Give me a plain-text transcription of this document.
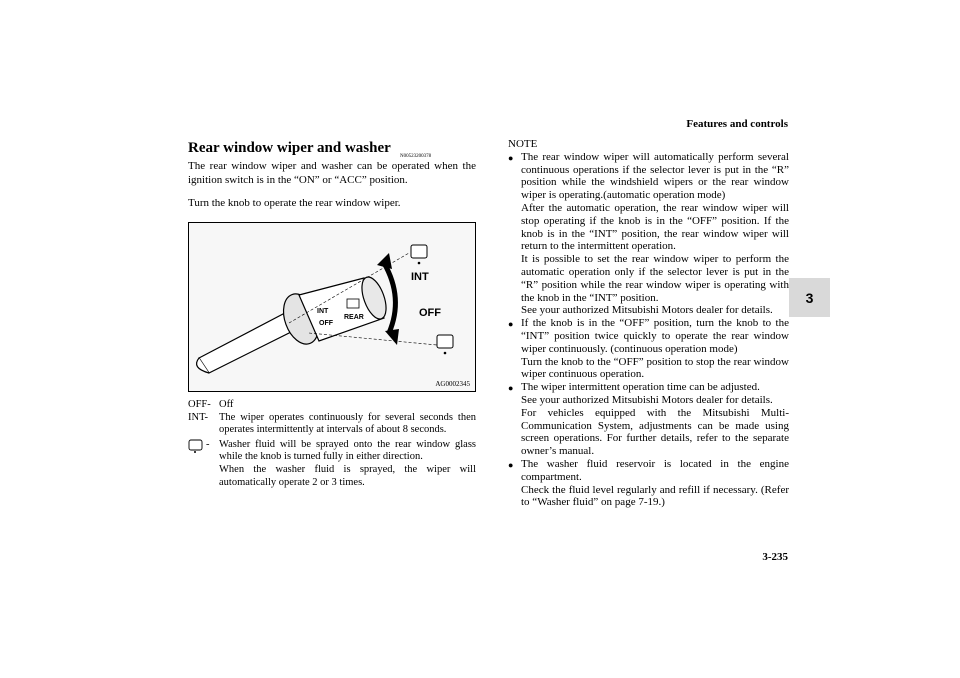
Features and controls
3
Rear window wiper and washer
N00523200378
The rear window wiper and washer can be operated when the ignition switch is in the “ON” or “ACC” position.
Turn the knob to operate the rear window wiper.
INT
OFF
REAR
INT
OFF
AG0002345
OFF- Off
INT-	The wiper operates continuously for several seconds then operates intermittently at intervals of about 8 seconds.
- Washer fluid will be sprayed onto the rear window glass while the knob is turned fully in either direction.
When the washer fluid is sprayed, the wiper will automatically operate 2 or 3 times.
NOTE
● The rear window wiper will automatically perform several continuous operations if the selector lever is put in the “R” position while the windshield wipers or the rear window wiper is operating.(automatic operation mode)
After the automatic operation, the rear window wiper will stop operating if the knob is in the “OFF” position. If the knob is in the “INT” position, the rear window wiper will return to the intermittent operation.
It is possible to set the rear window wiper to perform the automatic operation only if the selector lever is put in the “R” position while the rear window wiper is operating with the knob in the “INT” position.
See your authorized Mitsubishi Motors dealer for details.
● If the knob is in the “OFF” position, turn the knob to the “INT” position twice quickly to operate the rear window wiper continuously. (continuous operation mode)
Turn the knob to the “OFF” position to stop the rear window wiper continuous operation.
● The wiper intermittent operation time can be adjusted.
See your authorized Mitsubishi Motors dealer for details.
For vehicles equipped with the Mitsubishi Multi-Communication System, adjustments can be made using screen operations. For further details, refer to the separate owner’s manual.
● The washer fluid reservoir is located in the engine compartment.
Check the fluid level regularly and refill if necessary. (Refer to “Washer fluid” on page 7-19.)
3-235
